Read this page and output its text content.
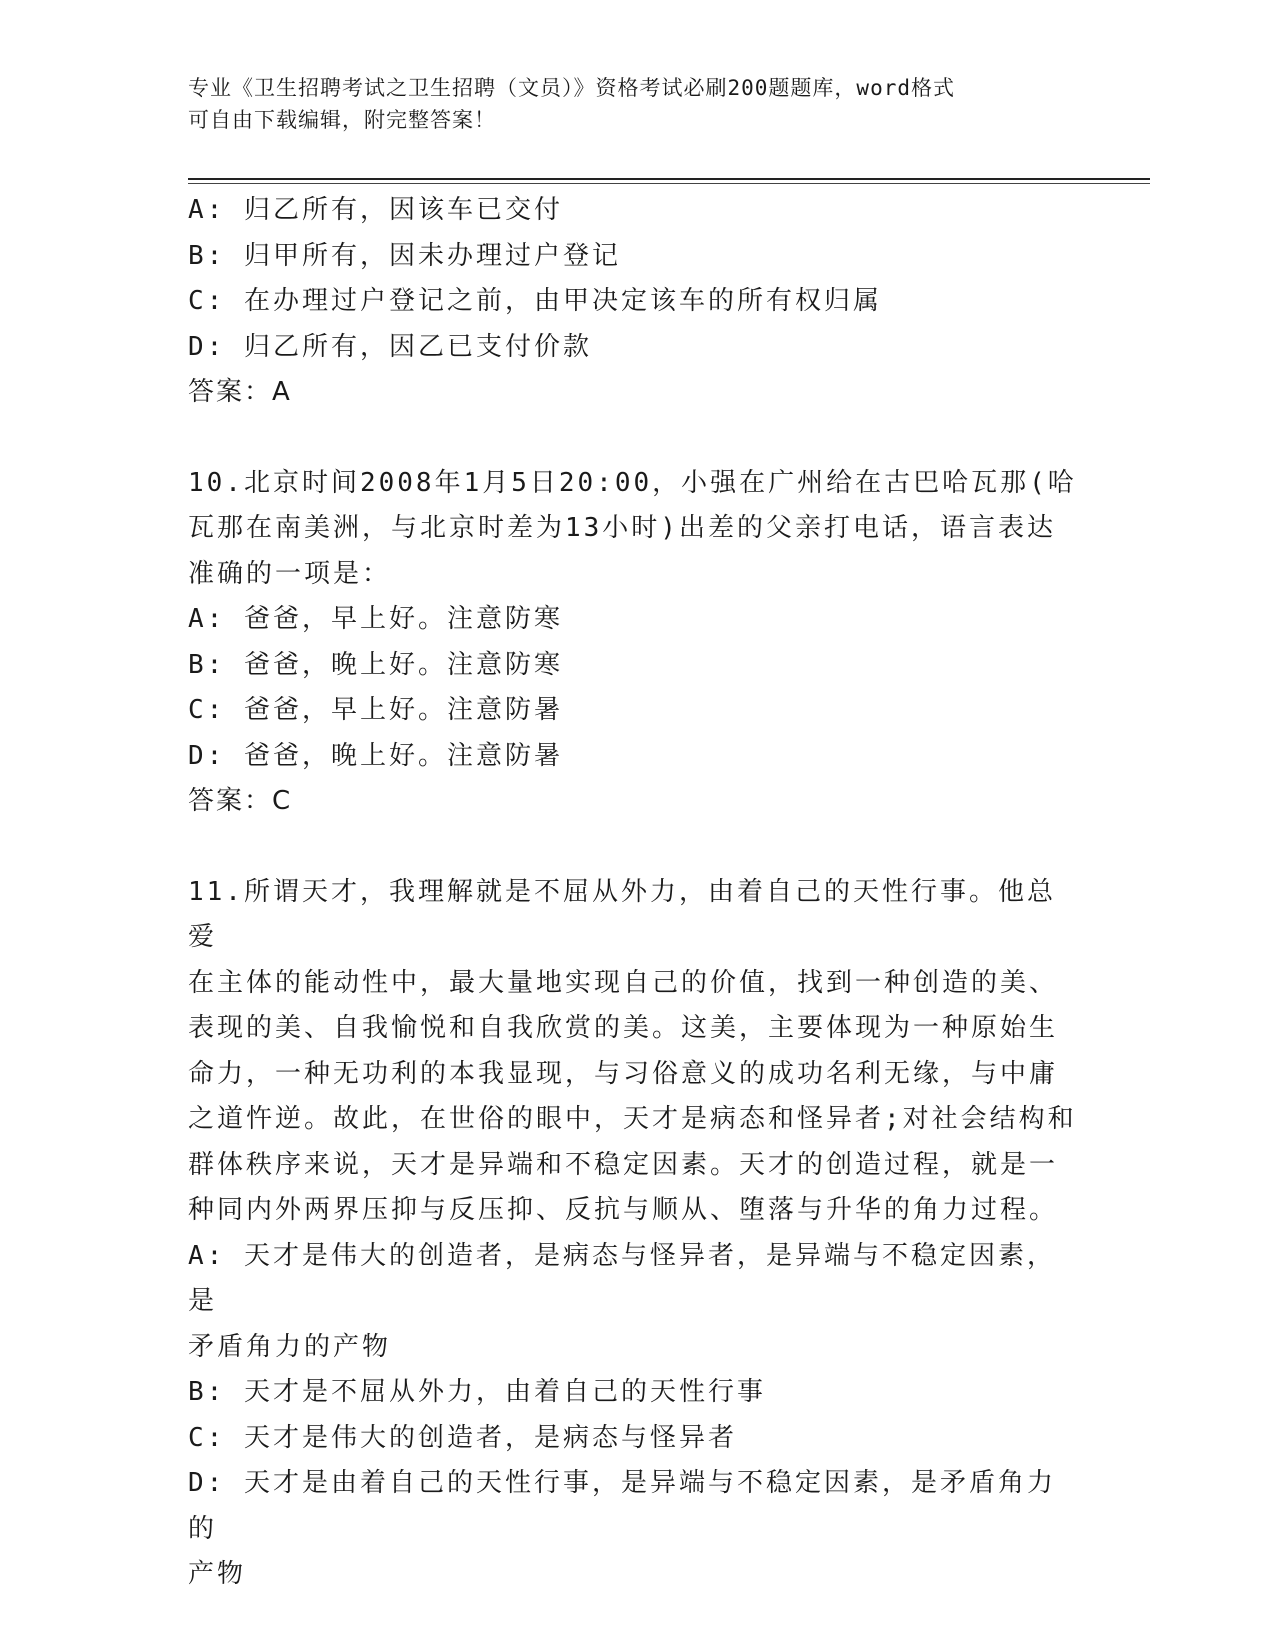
专业《卫生招聘考试之卫生招聘（文员）》资格考试必刷200题题库，word格式
可自由下载编辑，附完整答案！
A: 归乙所有，因该车已交付
B: 归甲所有，因未办理过户登记
C: 在办理过户登记之前，由甲决定该车的所有权归属
D: 归乙所有，因乙已支付价款
答案：A
10.北京时间2008年1月5日20:00，小强在广州给在古巴哈瓦那(哈
瓦那在南美洲，与北京时差为13小时)出差的父亲打电话，语言表达
准确的一项是：
A: 爸爸，早上好。注意防寒
B: 爸爸，晚上好。注意防寒
C: 爸爸，早上好。注意防暑
D: 爸爸，晚上好。注意防暑
答案：C
11.所谓天才，我理解就是不屈从外力，由着自己的天性行事。他总爱
在主体的能动性中，最大量地实现自己的价值，找到一种创造的美、
表现的美、自我愉悦和自我欣赏的美。这美，主要体现为一种原始生
命力，一种无功利的本我显现，与习俗意义的成功名利无缘，与中庸
之道忤逆。故此，在世俗的眼中，天才是病态和怪异者;对社会结构和
群体秩序来说，天才是异端和不稳定因素。天才的创造过程，就是一
种同内外两界压抑与反压抑、反抗与顺从、堕落与升华的角力过程。
A: 天才是伟大的创造者，是病态与怪异者，是异端与不稳定因素，是
矛盾角力的产物
B: 天才是不屈从外力，由着自己的天性行事
C: 天才是伟大的创造者，是病态与怪异者
D: 天才是由着自己的天性行事，是异端与不稳定因素，是矛盾角力的
产物
